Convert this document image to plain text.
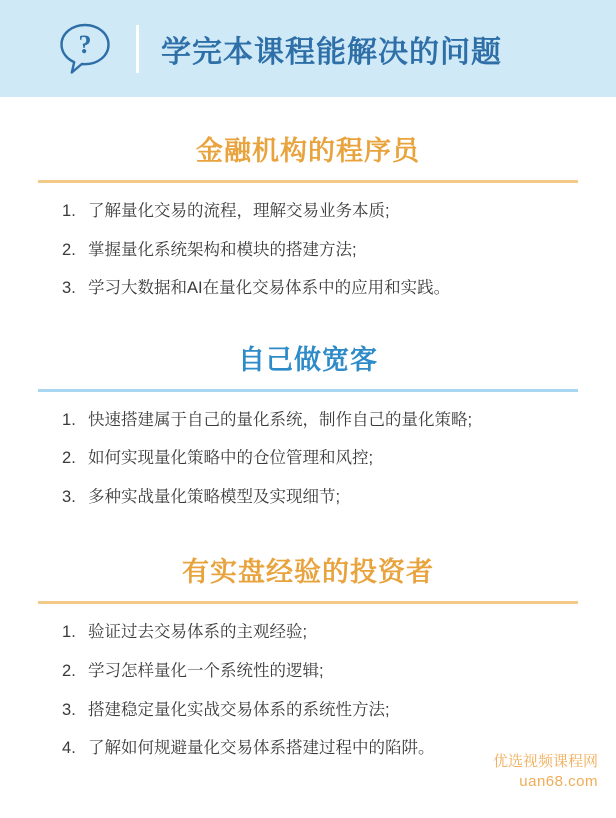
? 学完本课程能解决的问题
金融机构的程序员
了解量化交易的流程，理解交易业务本质;
掌握量化系统架构和模块的搭建方法;
学习大数据和AI在量化交易体系中的应用和实践。
自己做宽客
快速搭建属于自己的量化系统，制作自己的量化策略;
如何实现量化策略中的仓位管理和风控;
多种实战量化策略模型及实现细节;
有实盘经验的投资者
验证过去交易体系的主观经验;
学习怎样量化一个系统性的逻辑;
搭建稳定量化实战交易体系的系统性方法;
了解如何规避量化交易体系搭建过程中的陷阱。
优选视频课程网
uan68.com
